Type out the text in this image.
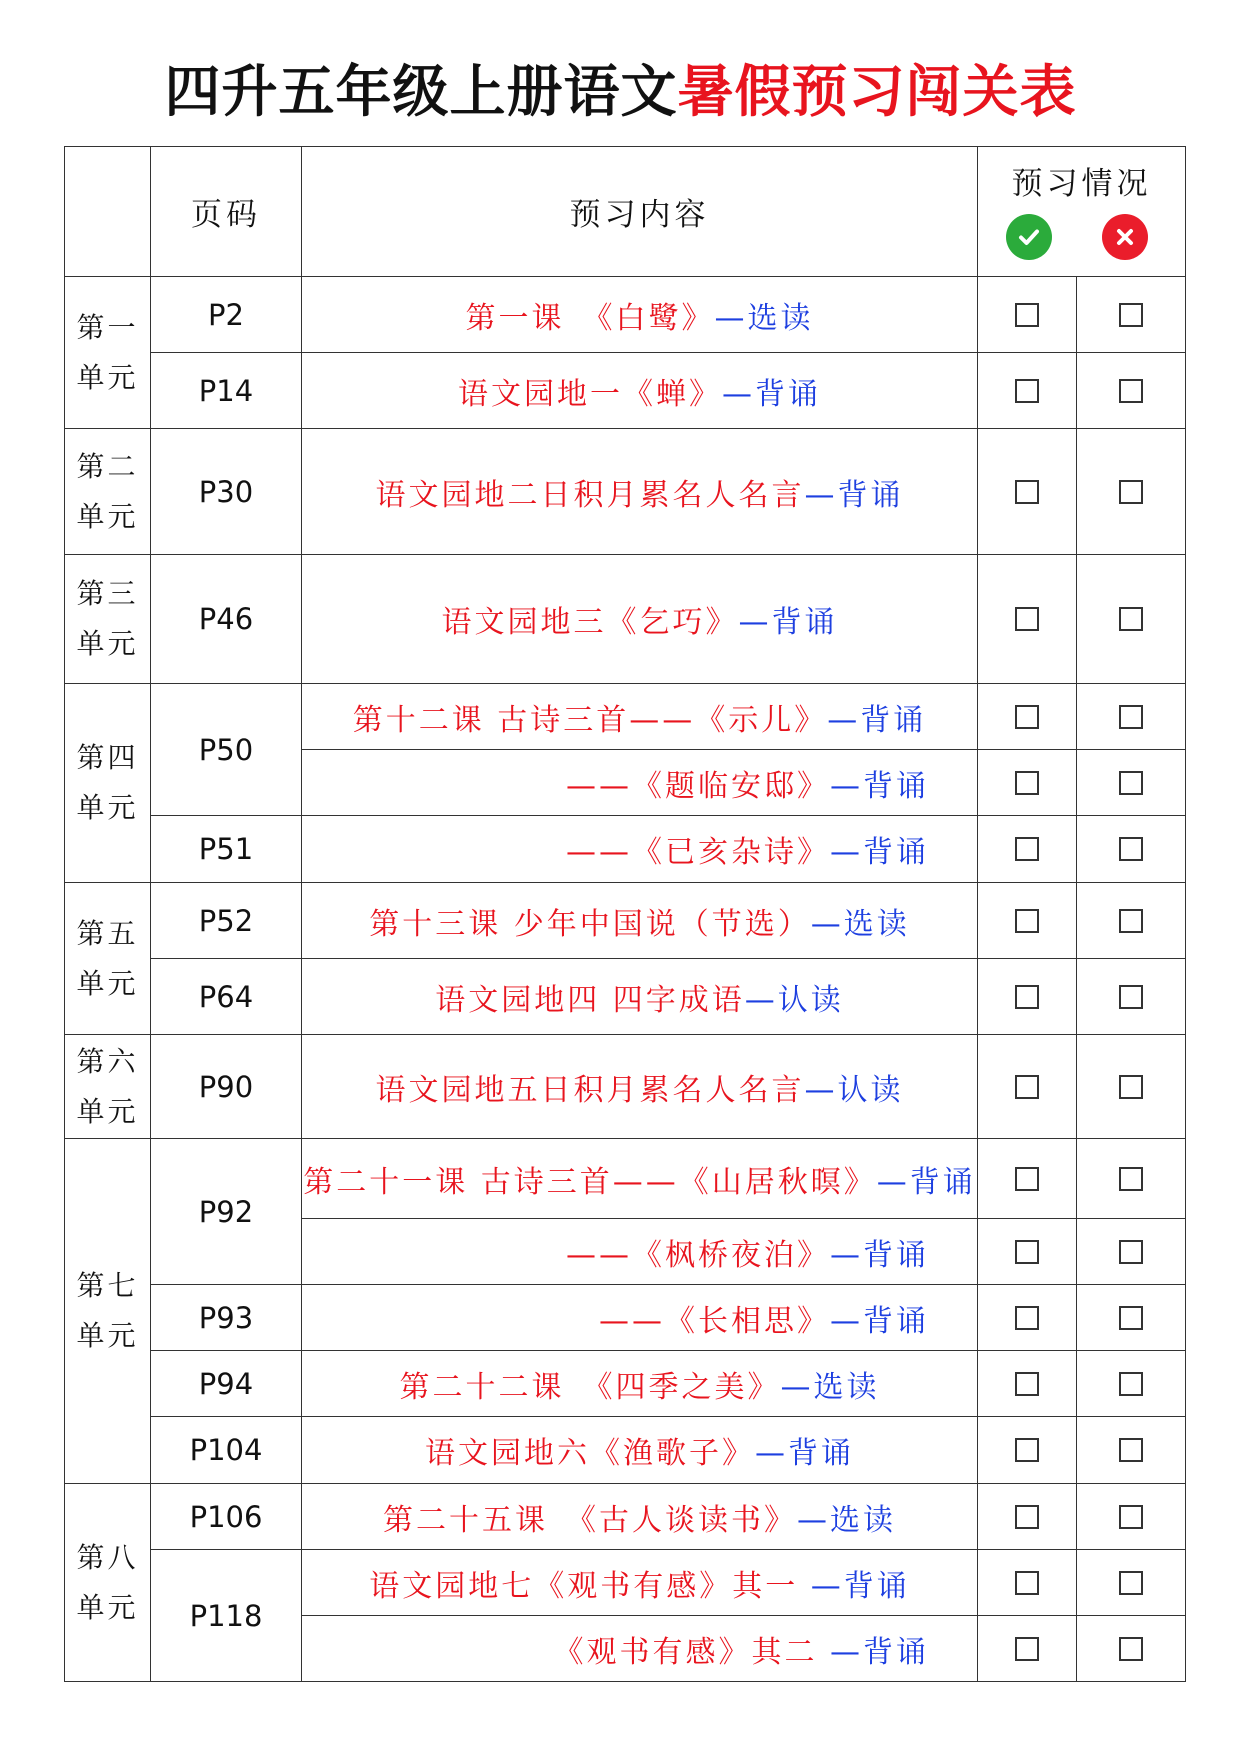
四升五年级上册语文暑假预习闯关表
	页码	预习内容	预习情况	

第一
单元	P2	第一课　《白鹭》—选读		
	P14	语文园地一《蝉》—背诵		
第二
单元	P30	语文园地二日积月累名人名言—背诵		
第三
单元	P46	语文园地三《乞巧》—背诵		
第四
单元	P50	第十二课 古诗三首——《示儿》—背诵		
		——《题临安邸》—背诵		
	P51	——《已亥杂诗》—背诵		
第五
单元	P52	第十三课 少年中国说（节选）—选读		
	P64	语文园地四 四字成语—认读		
第六
单元	P90	语文园地五日积月累名人名言—认读		
第七
单元	P92	第二十一课 古诗三首——《山居秋暝》—背诵		
		——《枫桥夜泊》—背诵		
	P93	——《长相思》—背诵		
	P94	第二十二课　《四季之美》—选读		
	P104	语文园地六《渔歌子》—背诵		
第八
单元	P106	第二十五课　《古人谈读书》—选读		
	P118	语文园地七《观书有感》其一 —背诵		
		《观书有感》其二 —背诵		
